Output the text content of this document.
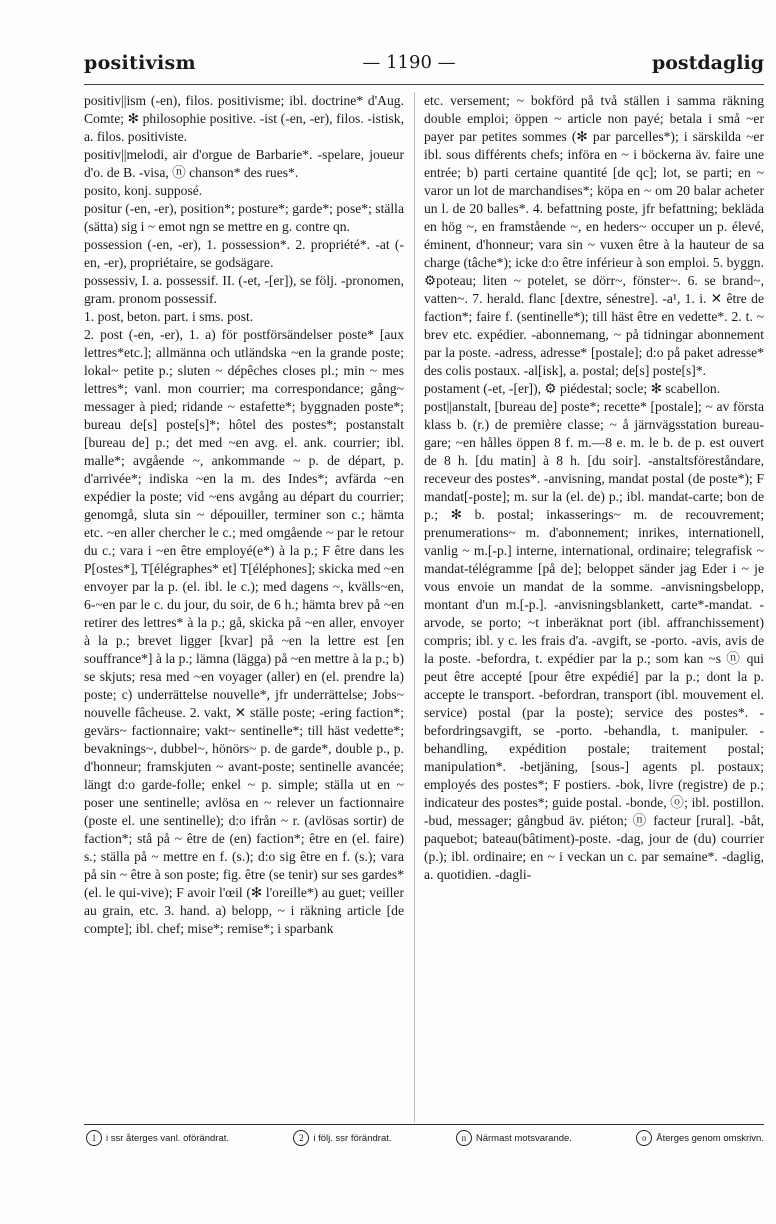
positivism	— 1190 —	postdaglig

positiv||ism (-en), filos. positivisme; ibl. doctrine* d'Aug. Comte; ✻ philosophie positive. -ist (-en, -er), filos. -istisk, a. filos. positiviste.

positiv||melodi, air d'orgue de Barbarie*. -spelare, joueur d'o. de B. -visa, ⓝ chanson* des rues*.

posito, konj. supposé.

positur (-en, -er), position*; posture*; garde*; pose*; ställa (sätta) sig i ~ emot ngn se mettre en g. contre qn.

possession (-en, -er), 1. possession*. 2. propriété*. -at (-en, -er), propriétaire, se godsägare.

possessiv, I. a. possessif. II. (-et, -[er]), se följ. -pronomen, gram. pronom possessif.

1. post, beton. part. i sms. post.

2. post (-en, -er), 1. a) för postförsändelser poste* [aux lettres*etc.]; allmänna och utländska ~en la grande poste; lokal~ petite p.; sluten ~ dépêches closes pl.; min ~ mes lettres*; vanl. mon courrier; ma correspondance; gång~ messager à pied; ridande ~ estafette*; byggnaden poste*; bureau de[s] poste[s]*; hôtel des postes*; postanstalt [bureau de] p.; det med ~en avg. el. ank. courrier; ibl. malle*; avgående ~, ankommande ~ p. de départ, p. d'arrivée*; indiska ~en la m. des Indes*; avfärda ~en expédier la poste; vid ~ens avgång au départ du courrier; genomgå, sluta sin ~ dépouiller, terminer son c.; hämta etc. ~en aller chercher le c.; med omgående ~ par le retour du c.; vara i ~en être employé(e*) à la p.; F être dans les P[ostes*], T[élégraphes* et] T[éléphones]; skicka med ~en envoyer par la p. (el. ibl. le c.); med dagens ~, kvälls~en, 6-~en par le c. du jour, du soir, de 6 h.; hämta brev på ~en retirer des lettres* à la p.; gå, skicka på ~en aller, envoyer à la p.; brevet ligger [kvar] på ~en la lettre est [en souffrance*] à la p.; lämna (lägga) på ~en mettre à la p.; b) se skjuts; resa med ~en voyager (aller) en (el. prendre la) poste; c) underrättelse nouvelle*, jfr underrättelse; Jobs~ nouvelle fâcheuse. 2. vakt, ✕ ställe poste; -ering faction*; gevärs~ factionnaire; vakt~ sentinelle*; till häst vedette*; bevaknings~, dubbel~, hönörs~ p. de garde*, double p., p. d'honneur; framskjuten ~ avant-poste; sentinelle avancée; längt d:o garde-folle; enkel ~ p. simple; ställa ut en ~ poser une sentinelle; avlösa en ~ relever un factionnaire (poste el. une sentinelle); d:o ifrån ~ r. (avlösas sortir) de faction*; stå på ~ être de (en) faction*; être en (el. faire) s.; ställa på ~ mettre en f. (s.); d:o sig être en f. (s.); vara på sin ~ être à son poste; fig. être (se tenir) sur ses gardes* (el. le qui-vive); F avoir l'œil (✻ l'oreille*) au guet; veiller au grain, etc. 3. hand. a) belopp, ~ i räkning article [de compte]; ibl. chef; mise*; remise*; i sparbank

etc. versement; ~ bokförd på två ställen i samma räkning double emploi; öppen ~ article non payé; betala i små ~er payer par petites sommes (✻ par parcelles*); i särskilda ~er ibl. sous différents chefs; införa en ~ i böckerna äv. faire une entrée; b) parti certaine quantité [de qc]; lot, se parti; en ~ varor un lot de marchandises*; köpa en ~ om 20 balar acheter un l. de 20 balles*. 4. befattning poste, jfr befattning; bekläda en hög ~, en framstående ~, en heders~ occuper un p. élevé, éminent, d'honneur; vara sin ~ vuxen être à la hauteur de sa charge (tâche*); icke d:o être inférieur à son emploi. 5. byggn. ⚙poteau; liten ~ potelet, se dörr~, fönster~. 6. se brand~, vatten~. 7. herald. flanc [dextre, sénestre]. -a¹, 1. i. ✕ être de faction*; faire f. (sentinelle*); till häst être en vedette*. 2. t. ~ brev etc. expédier. -abonnemang, ~ på tidningar abonnement par la poste. -adress, adresse* [postale]; d:o på paket adresse* des colis postaux. -al[isk], a. postal; de[s] poste[s]*.

postament (-et, -[er]), ⚙ piédestal; socle; ✻ scabellon.

post||anstalt, [bureau de] poste*; recette* [postale]; ~ av första klass b. (r.) de première classe; ~ å järnvägsstation bureau-gare; ~en hålles öppen 8 f. m.—8 e. m. le b. de p. est ouvert de 8 h. [du matin] à 8 h. [du soir]. -anstaltsföreståndare, receveur des postes*. -anvisning, mandat postal (de poste*); F mandat[-poste]; m. sur la (el. de) p.; ibl. mandat-carte; bon de p.; ✻ b. postal; inkasserings~ m. de recouvrement; prenumerations~ m. d'abonnement; inrikes, internationell, vanlig ~ m.[-p.] interne, international, ordinaire; telegrafisk ~ mandat-télégramme [på de]; beloppet sänder jag Eder i ~ je vous envoie un mandat de la somme. -anvisningsbelopp, montant d'un m.[-p.]. -anvisningsblankett, carte*-mandat. -arvode, se porto; ~t inberäknat port (ibl. affranchissement) compris; ibl. y c. les frais d'a. -avgift, se -porto. -avis, avis de la poste. -befordra, t. expédier par la p.; som kan ~s ⓝ qui peut être accepté [pour être expédié] par la p.; dont la p. accepte le transport. -befordran, transport (ibl. mouvement el. service) postal (par la poste); service des postes*. -befordringsavgift, se -porto. -behandla, t. manipuler. -behandling, expédition postale; traitement postal; manipulation*. -betjäning, [sous-] agents pl. postaux; employés des postes*; F postiers. -bok, livre (registre) de p.; indicateur des postes*; guide postal. -bonde, ⓞ; ibl. postillon. -bud, messager; gångbud äv. piéton; ⓝ facteur [rural]. -båt, paquebot; bateau(bâtiment)-poste. -dag, jour de (du) courrier (p.); ibl. ordinaire; en ~ i veckan un c. par semaine*. -daglig, a. quotidien. -dagli-

1	i ssr återges vanl. oförändrat.	2	i följ. ssr förändrat.	n	Närmast motsvarande.	o	Återges genom omskrivn.
